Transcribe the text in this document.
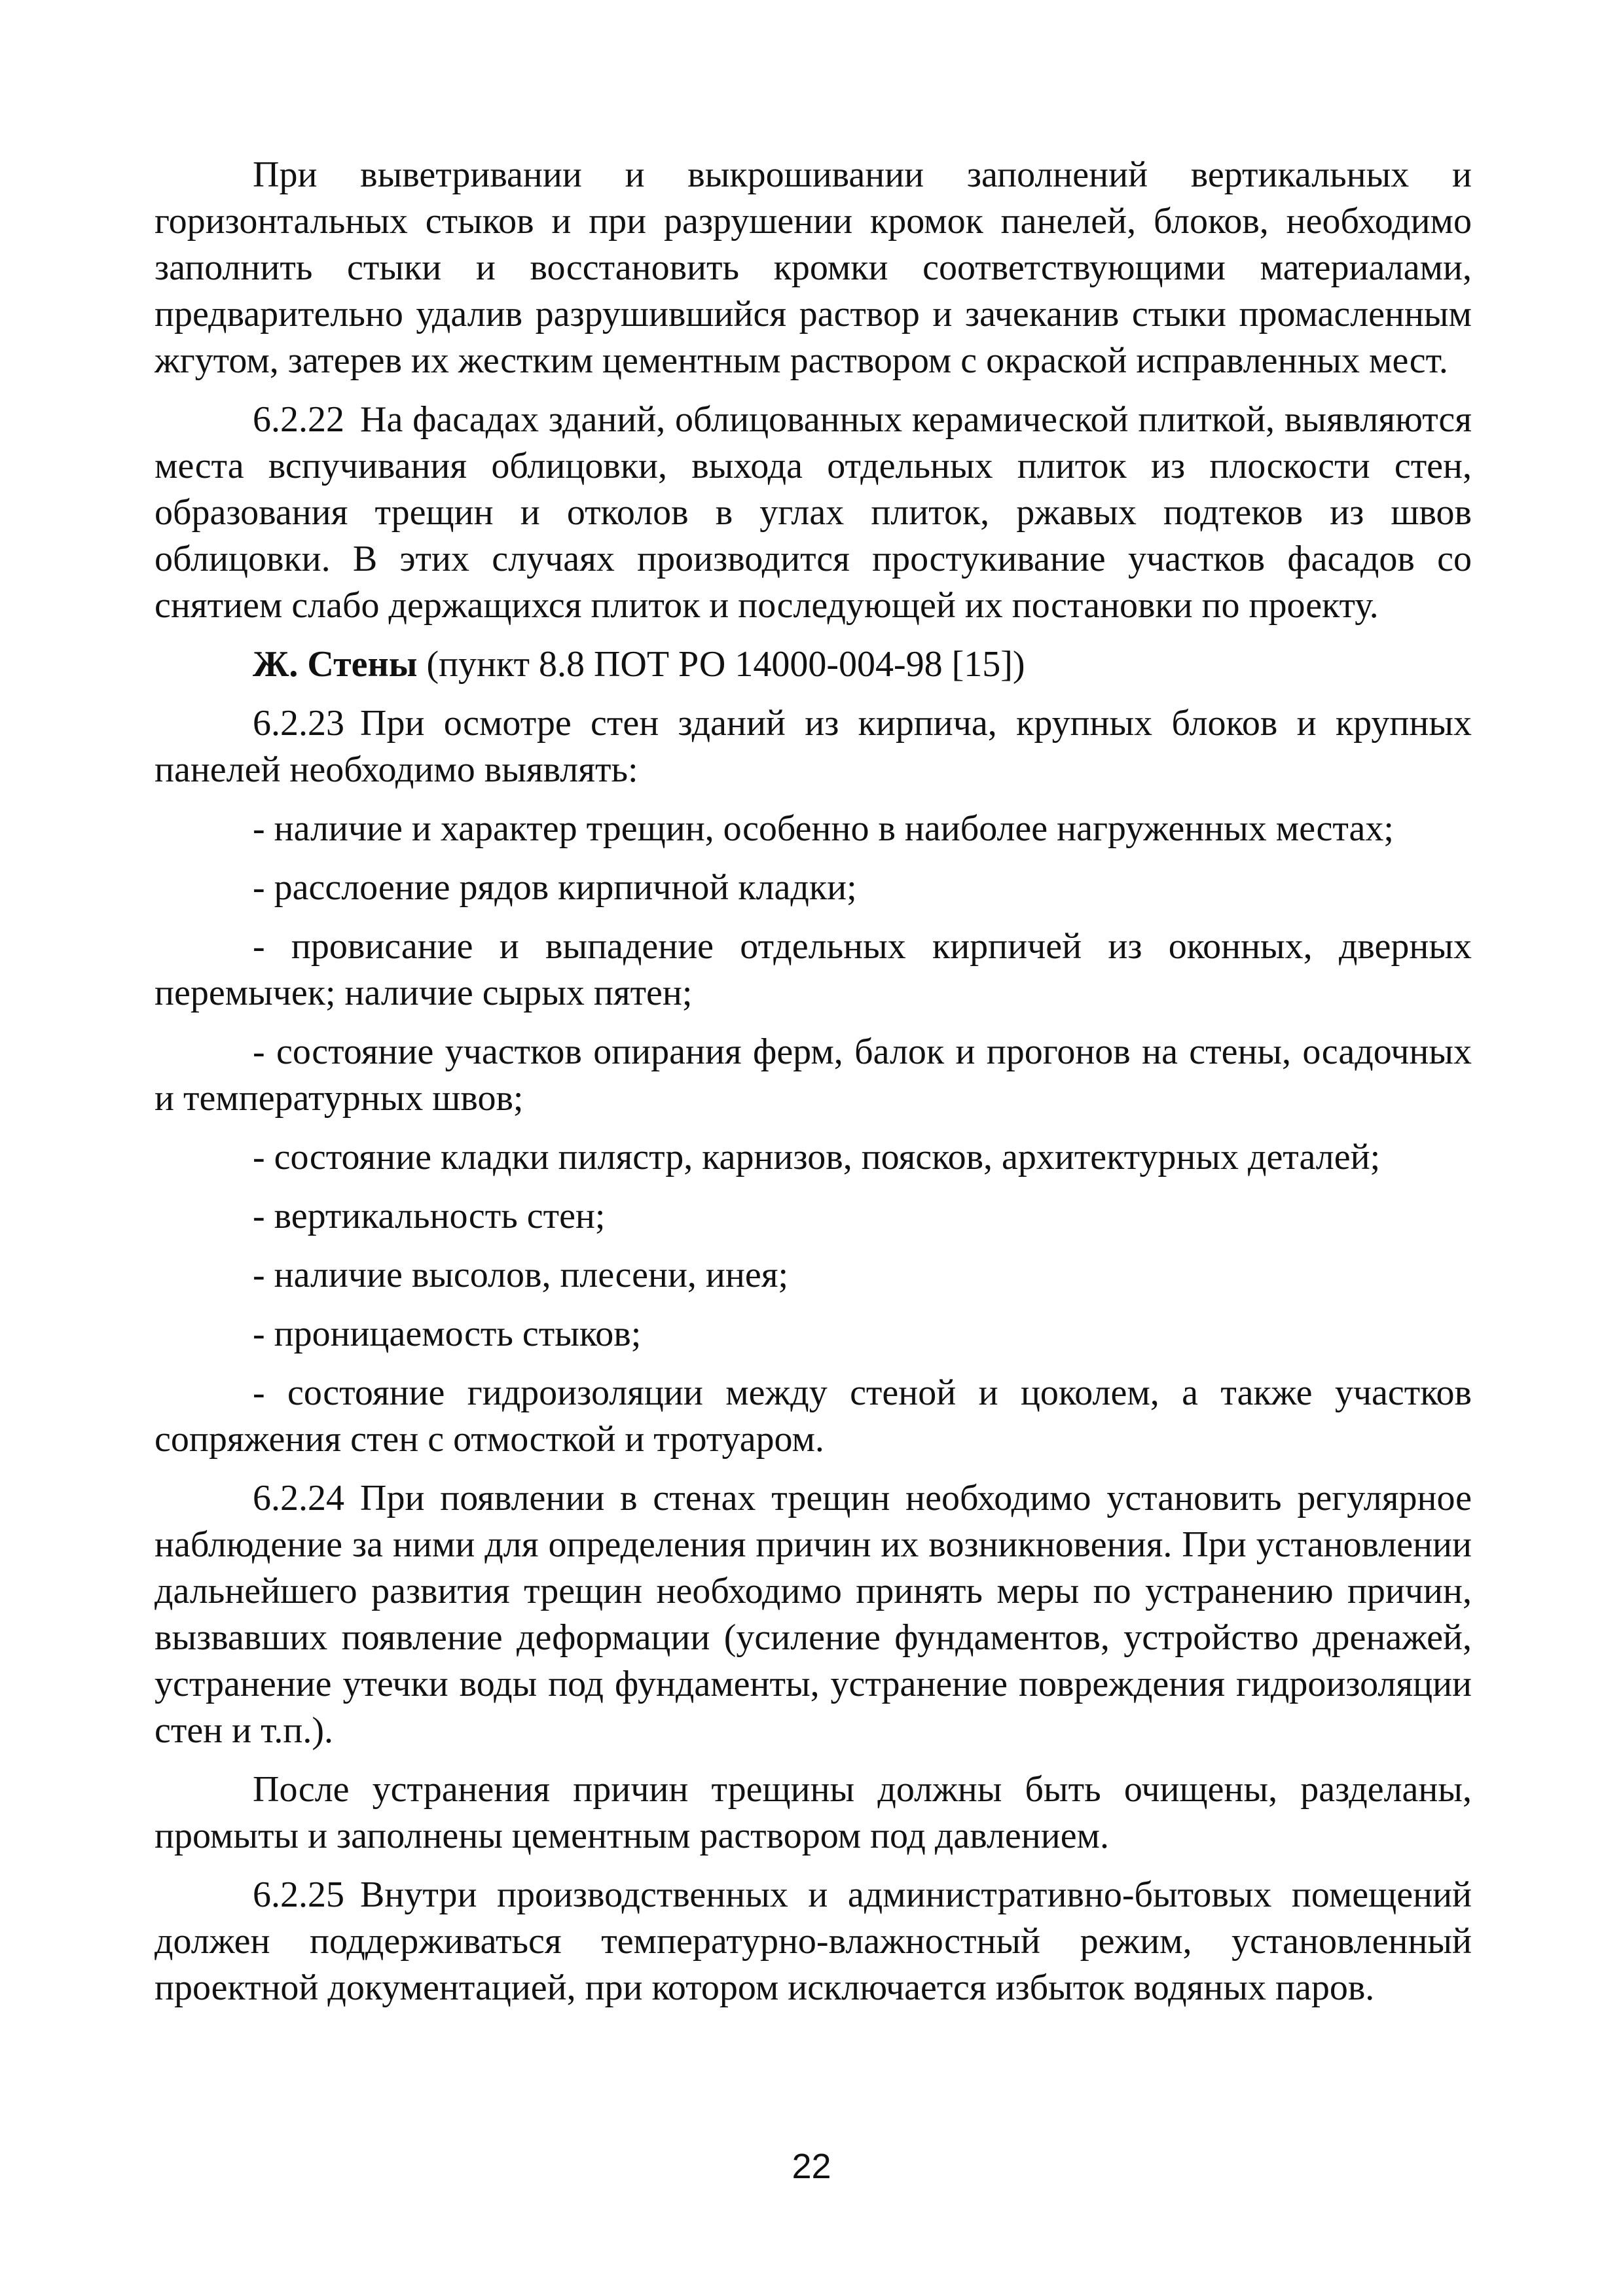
При выветривании и выкрошивании заполнений вертикальных и горизонтальных стыков и при разрушении кромок панелей, блоков, необходимо заполнить стыки и восстановить кромки соответствующими материалами, предварительно удалив разрушившийся раствор и зачеканив стыки промасленным жгутом, затерев их жестким цементным раствором с окраской исправленных мест.

6.2.22 На фасадах зданий, облицованных керамической плиткой, выявляются места вспучивания облицовки, выхода отдельных плиток из плоскости стен, образования трещин и отколов в углах плиток, ржавых подтеков из швов облицовки. В этих случаях производится простукивание участков фасадов со снятием слабо держащихся плиток и последующей их постановки по проекту.

Ж. Стены (пункт 8.8 ПОТ РО 14000-004-98 [15])

6.2.23 При осмотре стен зданий из кирпича, крупных блоков и крупных панелей необходимо выявлять:

- наличие и характер трещин, особенно в наиболее нагруженных местах;

- расслоение рядов кирпичной кладки;

- провисание и выпадение отдельных кирпичей из оконных, дверных перемычек; наличие сырых пятен;

- состояние участков опирания ферм, балок и прогонов на стены, осадочных и температурных швов;

- состояние кладки пилястр, карнизов, поясков, архитектурных деталей;

- вертикальность стен;

- наличие высолов, плесени, инея;

- проницаемость стыков;

- состояние гидроизоляции между стеной и цоколем, а также участков сопряжения стен с отмосткой и тротуаром.

6.2.24 При появлении в стенах трещин необходимо установить регулярное наблюдение за ними для определения причин их возникновения. При установлении дальнейшего развития трещин необходимо принять меры по устранению причин, вызвавших появление деформации (усиление фундаментов, устройство дренажей, устранение утечки воды под фундаменты, устранение повреждения гидроизоляции стен и т.п.).

После устранения причин трещины должны быть очищены, разделаны, промыты и заполнены цементным раствором под давлением.

6.2.25 Внутри производственных и административно-бытовых помещений должен поддерживаться температурно-влажностный режим, установленный проектной документацией, при котором исключается избыток водяных паров.

22
